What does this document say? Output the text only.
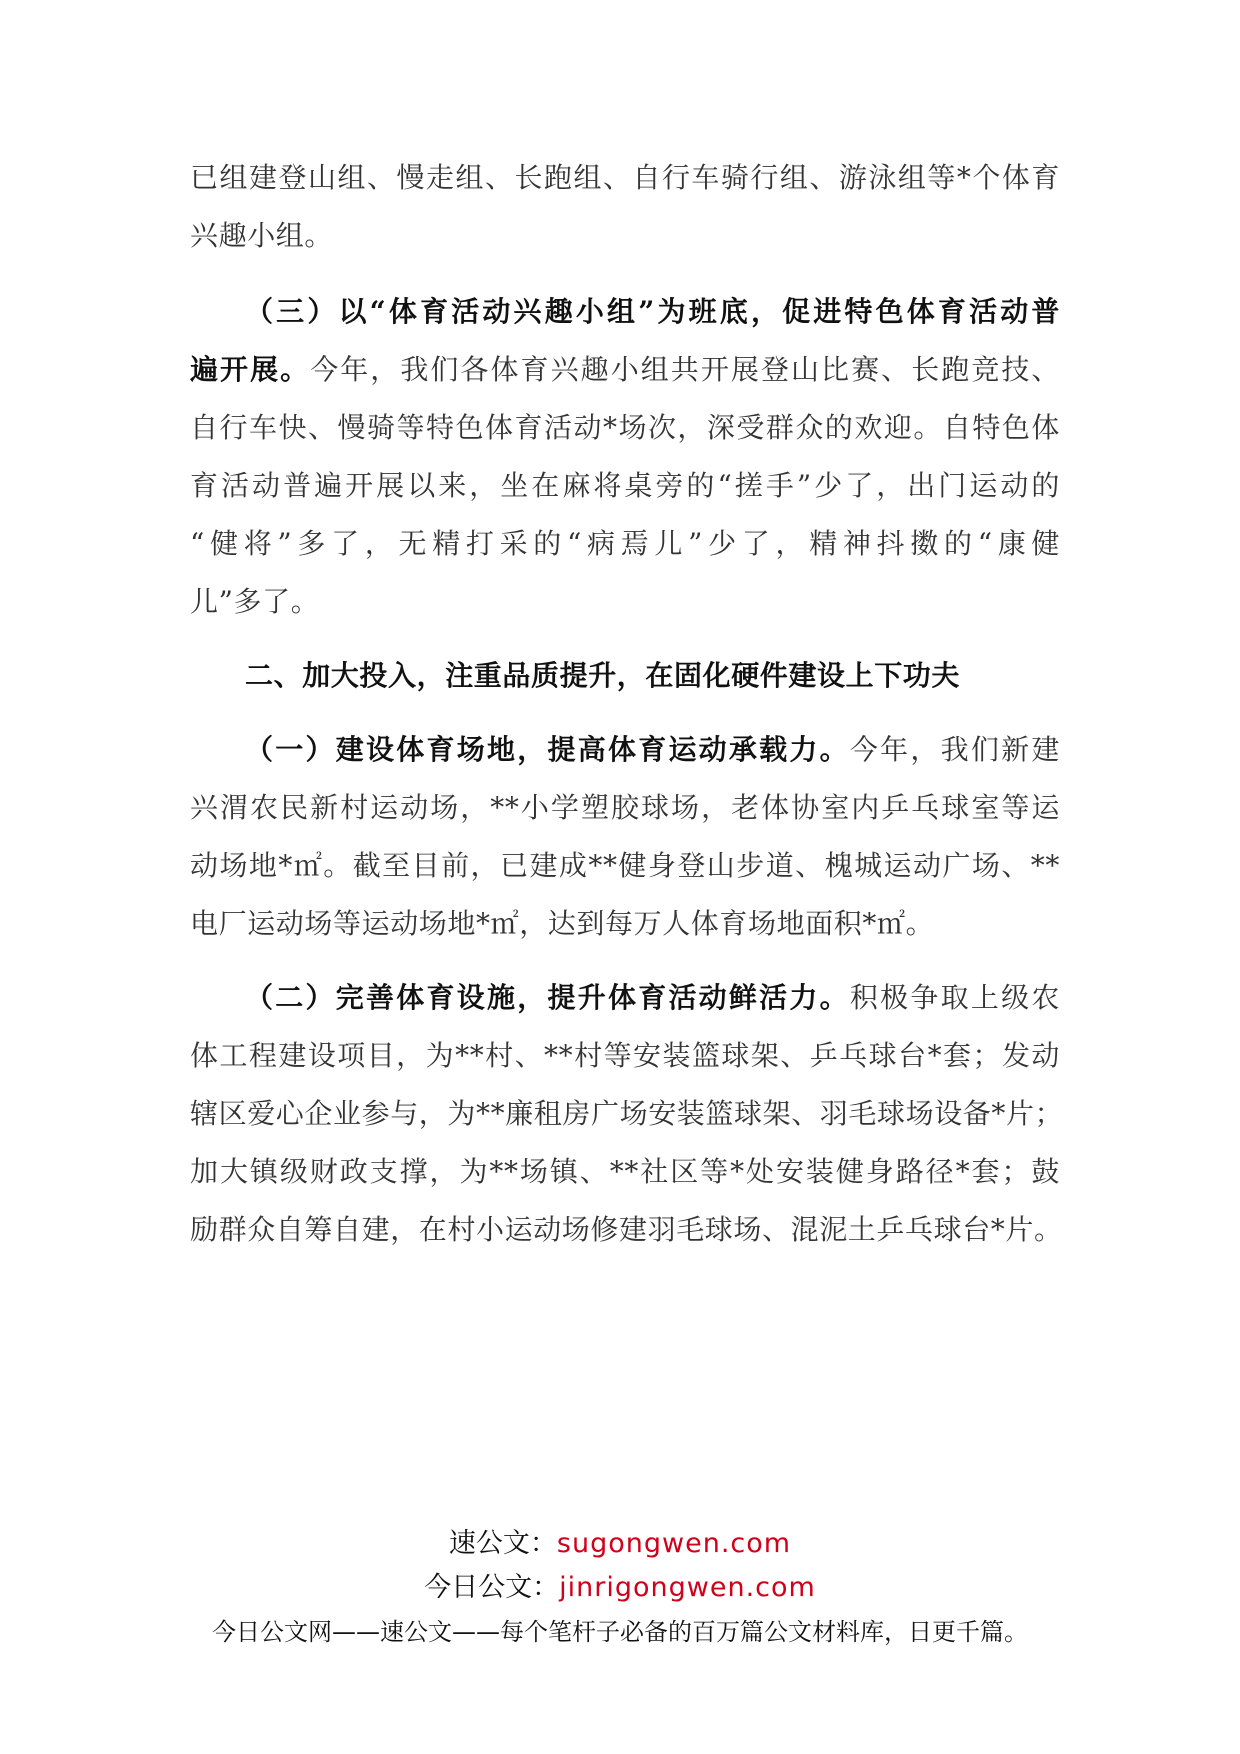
已组建登山组、慢走组、长跑组、自行车骑行组、游泳组等*个体育
兴趣小组。
（三）以“体育活动兴趣小组”为班底，促进特色体育活动普
遍开展。今年，我们各体育兴趣小组共开展登山比赛、长跑竞技、
自行车快、慢骑等特色体育活动*场次，深受群众的欢迎。自特色体
育活动普遍开展以来，坐在麻将桌旁的“搓手”少了，出门运动的
“健将”多了，无精打采的“病焉儿”少了，精神抖擞的“康健
儿”多了。
二、加大投入，注重品质提升，在固化硬件建设上下功夫
（一）建设体育场地，提高体育运动承载力。今年，我们新建
兴渭农民新村运动场，**小学塑胶球场，老体协室内乒乓球室等运
动场地*㎡。截至目前，已建成**健身登山步道、槐城运动广场、**
电厂运动场等运动场地*㎡，达到每万人体育场地面积*㎡。
（二）完善体育设施，提升体育活动鲜活力。积极争取上级农
体工程建设项目，为**村、**村等安装篮球架、乒乓球台*套；发动
辖区爱心企业参与，为**廉租房广场安装篮球架、羽毛球场设备*片；
加大镇级财政支撑，为**场镇、**社区等*处安装健身路径*套；鼓
励群众自筹自建，在村小运动场修建羽毛球场、混泥土乒乓球台*片。
速公文：sugongwen.com
今日公文：jinrigongwen.com
今日公文网——速公文——每个笔杆子必备的百万篇公文材料库，日更千篇。
